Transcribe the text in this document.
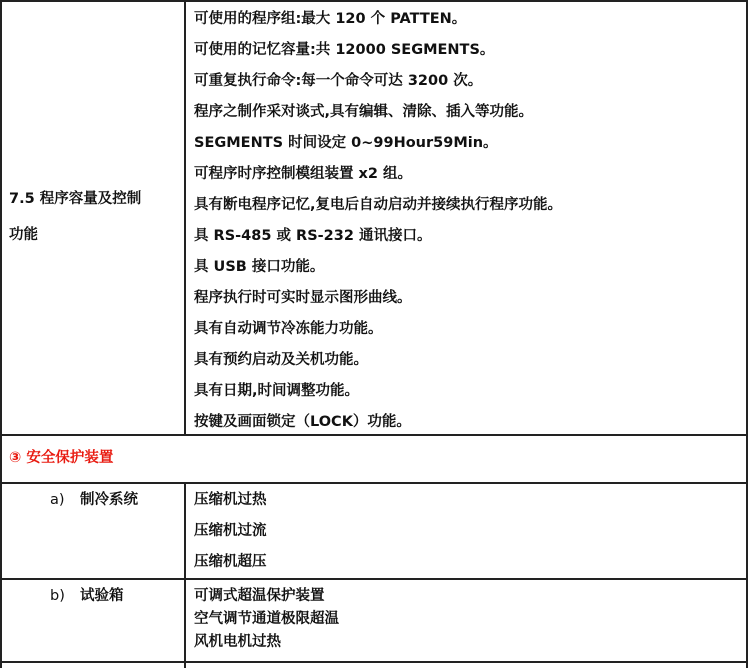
7.5 程序容量及控制
功能
可使用的程序组:最大 120 个 PATTEN。
可使用的记忆容量:共 12000 SEGMENTS。
可重复执行命令:每一个命令可达 3200 次。
程序之制作采对谈式,具有编辑、清除、插入等功能。
SEGMENTS 时间设定 0~99Hour59Min。
可程序时序控制模组装置 x2 组。
具有断电程序记忆,复电后自动启动并接续执行程序功能。
具 RS-485 或 RS-232 通讯接口。
具 USB 接口功能。
程序执行时可实时显示图形曲线。
具有自动调节冷冻能力功能。
具有预约启动及关机功能。
具有日期,时间调整功能。
按键及画面锁定（LOCK）功能。
③ 安全保护装置
a) 制冷系统	压缩机过热
压缩机过流
压缩机超压
b) 试验箱	可调式超温保护装置
空气调节通道极限超温
风机电机过热
